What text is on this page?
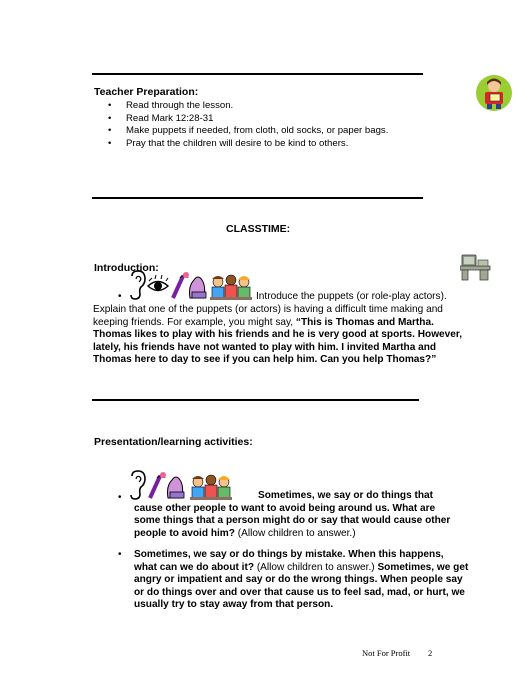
Teacher Preparation:
• Read through the lesson.
• Read Mark 12:28-31
• Make puppets if needed, from cloth, old socks, or paper bags.
• Pray that the children will desire to be kind to others.
CLASSTIME:
Introduction:
•	Introduce the puppets (or role-play actors).
Explain that one of the puppets (or actors) is having a difficult time making and keeping friends. For example, you might say, “This is Thomas and Martha. Thomas likes to play with his friends and he is very good at sports. However, lately, his friends have not wanted to play with him. I invited Martha and Thomas here to day to see if you can help him. Can you help Thomas?”
Presentation/learning activities:
•	Sometimes, we say or do things that cause other people to want to avoid being around us. What are some things that a person might do or say that would cause other people to avoid him? (Allow children to answer.)
• Sometimes, we say or do things by mistake. When this happens, what can we do about it? (Allow children to answer.) Sometimes, we get angry or impatient and say or do the wrong things. When people say or do things over and over that cause us to feel sad, mad, or hurt, we usually try to stay away from that person.
Not For Profit 2
